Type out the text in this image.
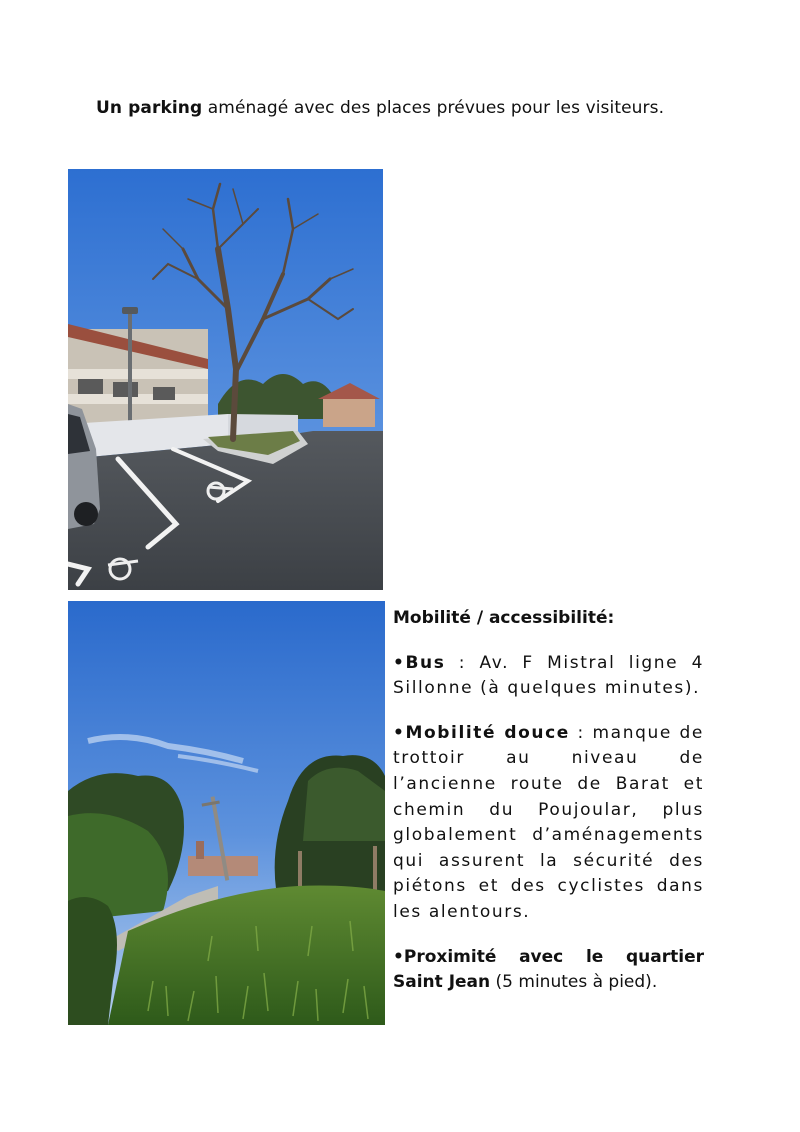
Un parking aménagé avec des places prévues pour les visiteurs.

Mobilité / accessibilité:

•Bus : Av. F Mistral ligne 4 Sillonne (à quelques minutes).

•Mobilité douce : manque de trottoir au niveau de l’ancienne route de Barat et chemin du Poujoular, plus globalement d’aménagements qui assurent la sécurité des piétons et des cyclistes dans les alentours.

•Proximité avec le quartier Saint Jean (5 minutes à pied).
